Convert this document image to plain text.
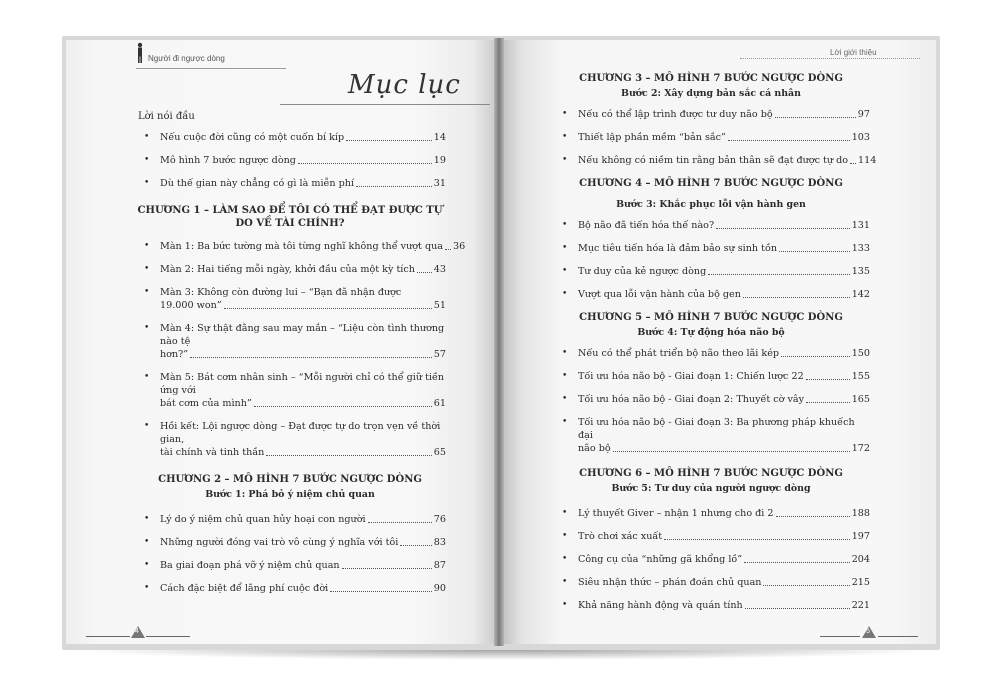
Người đi ngược dòng
Mục lục
Lời giới thiệu
Lời nói đầu
• Nếu cuộc đời cũng có một cuốn bí kíp	14
• Mô hình 7 bước ngược dòng	19
• Dù thế gian này chẳng có gì là miễn phí	31
CHƯƠNG 1 – LÀM SAO ĐỂ TÔI CÓ THỂ ĐẠT ĐƯỢC TỰ DO VỀ TÀI CHÍNH?
• Màn 1: Ba bức tường mà tôi từng nghĩ không thể vượt qua 36
• Màn 2: Hai tiếng mỗi ngày, khởi đầu của một kỳ tích 43
• Màn 3: Không còn đường lui – “Bạn đã nhận được
19.000 won”	51
• Màn 4: Sự thật đằng sau may mắn – “Liệu còn tình thương nào tệ
hơn?”	57
• Màn 5: Bát cơm nhân sinh – “Mỗi người chỉ có thể giữ tiền ứng với
bát cơm của mình”	61
• Hồi kết: Lội ngược dòng – Đạt được tự do trọn vẹn về thời gian,
tài chính và tinh thần	65
CHƯƠNG 2 – MÔ HÌNH 7 BƯỚC NGƯỢC DÒNG
Bước 1: Phá bỏ ý niệm chủ quan
• Lý do ý niệm chủ quan hủy hoại con người	76
• Những người đóng vai trò vô cùng ý nghĩa với tôi	83
• Ba giai đoạn phá vỡ ý niệm chủ quan	87
• Cách đặc biệt để lãng phí cuộc đời	90
CHƯƠNG 3 – MÔ HÌNH 7 BƯỚC NGƯỢC DÒNG
Bước 2: Xây dựng bản sắc cá nhân
• Nếu có thể lập trình được tư duy não bộ	97
• Thiết lập phần mềm “bản sắc”	103
• Nếu không có niềm tin rằng bản thân sẽ đạt được tự do 114
CHƯƠNG 4 – MÔ HÌNH 7 BƯỚC NGƯỢC DÒNG
Bước 3: Khắc phục lỗi vận hành gen
• Bộ não đã tiến hóa thế nào?	131
• Mục tiêu tiến hóa là đảm bảo sự sinh tồn	133
• Tư duy của kẻ ngược dòng	135
• Vượt qua lỗi vận hành của bộ gen	142
CHƯƠNG 5 – MÔ HÌNH 7 BƯỚC NGƯỢC DÒNG
Bước 4: Tự động hóa não bộ
• Nếu có thể phát triển bộ não theo lãi kép	150
• Tối ưu hóa não bộ - Giai đoạn 1: Chiến lược 22	155
• Tối ưu hóa não bộ - Giai đoạn 2: Thuyết cờ vây	165
• Tối ưu hóa não bộ - Giai đoạn 3: Ba phương pháp khuếch đại
não bộ	172
CHƯƠNG 6 – MÔ HÌNH 7 BƯỚC NGƯỢC DÒNG
Bước 5: Tư duy của người ngược dòng
• Lý thuyết Giver – nhận 1 nhưng cho đi 2	188
• Trò chơi xác xuất	197
• Công cụ của “những gã khổng lồ”	204
• Siêu nhận thức – phán đoán chủ quan	215
• Khả năng hành động và quán tính	221
4	5
